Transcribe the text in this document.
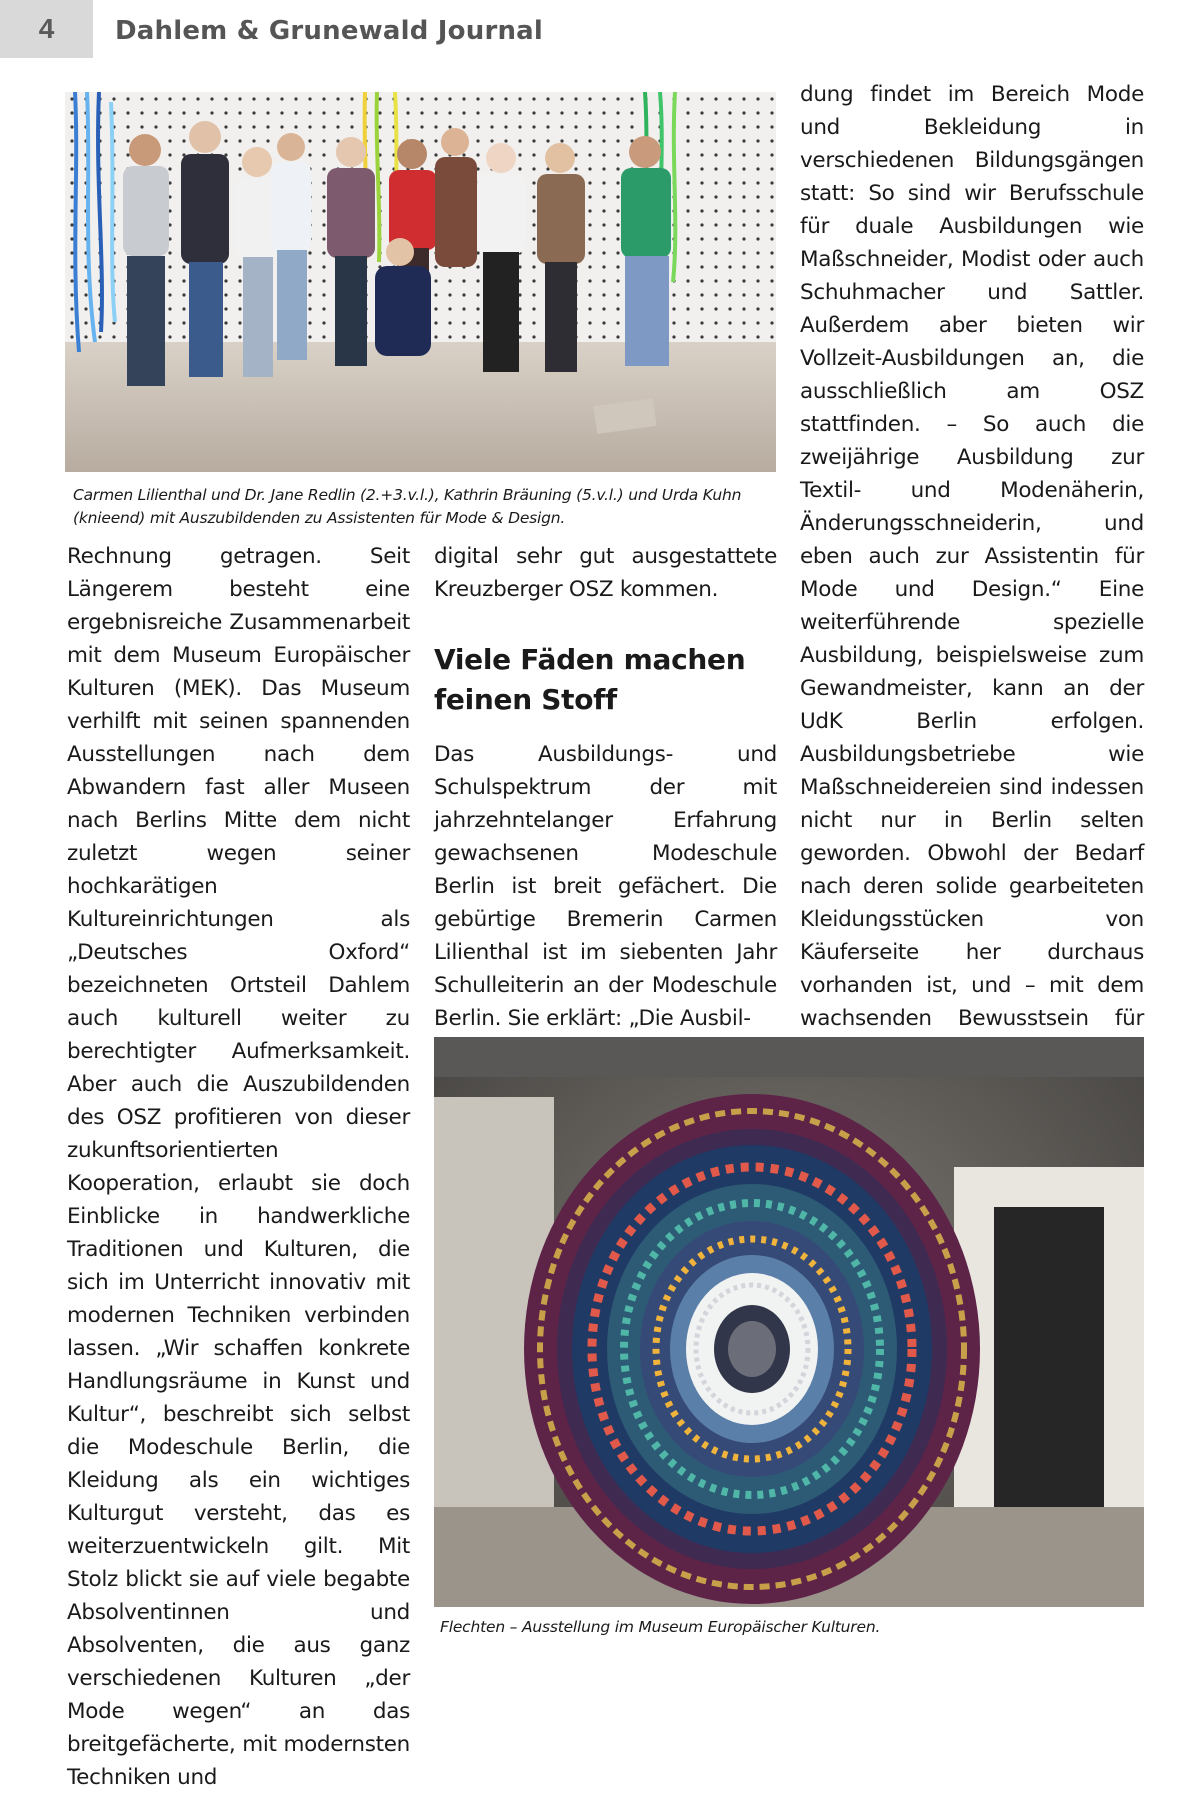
4	Dahlem & Grunewald Journal
Carmen Lilienthal und Dr. Jane Redlin (2.+3.v.l.), Kathrin Bräuning (5.v.l.) und Urda Kuhn (knieend) mit Auszubildenden zu Assistenten für Mode & Design.

Rechnung getragen. Seit Längerem besteht eine ergebnisreiche Zusammenarbeit mit dem Museum Europäischer Kulturen (MEK). Das Museum verhilft mit seinen spannenden Ausstellungen nach dem Abwandern fast aller Museen nach Berlins Mitte dem nicht zuletzt wegen seiner hochkarätigen Kultureinrichtungen als „Deutsches Oxford“ bezeichneten Ortsteil Dahlem auch kulturell weiter zu berechtigter Aufmerksamkeit. Aber auch die Auszubildenden des OSZ profitieren von dieser zukunftsorientierten Kooperation, erlaubt sie doch Einblicke in handwerkliche Traditionen und Kulturen, die sich im Unterricht innovativ mit modernen Techniken verbinden lassen. „Wir schaffen konkrete Handlungsräume in Kunst und Kultur“, beschreibt sich selbst die Modeschule Berlin, die Kleidung als ein wichtiges Kulturgut versteht, das es weiterzuentwickeln gilt. Mit Stolz blickt sie auf viele begabte Absolventinnen und Absolventen, die aus ganz verschiedenen Kulturen „der Mode wegen“ an das breitgefächerte, mit modernsten Techniken und

digital sehr gut ausgestattete Kreuzberger OSZ kommen.

Viele Fäden machen feinen Stoff

Das Ausbildungs- und Schulspektrum der mit jahrzehntelanger Erfahrung gewachsenen Modeschule Berlin ist breit gefächert. Die gebürtige Bremerin Carmen Lilienthal ist im siebenten Jahr Schulleiterin an der Modeschule Berlin. Sie erklärt: „Die Ausbil-

dung findet im Bereich Mode und Bekleidung in verschiedenen Bildungsgängen statt: So sind wir Berufsschule für duale Ausbildungen wie Maßschneider, Modist oder auch Schuhmacher und Sattler. Außerdem aber bieten wir Vollzeit-Ausbildungen an, die ausschließlich am OSZ stattfinden. – So auch die zweijährige Ausbildung zur Textil- und Modenäherin, Änderungsschneiderin, und eben auch zur Assistentin für Mode und Design.“ Eine weiterführende spezielle Ausbildung, beispielsweise zum Gewandmeister, kann an der UdK Berlin erfolgen. Ausbildungsbetriebe wie Maßschneidereien sind indessen nicht nur in Berlin selten geworden. Obwohl der Bedarf nach deren solide gearbeiteten Kleidungsstücken von Käuferseite her durchaus vorhanden ist, und – mit dem wachsenden Bewusstsein für

Flechten – Ausstellung im Museum Europäischer Kulturen.
